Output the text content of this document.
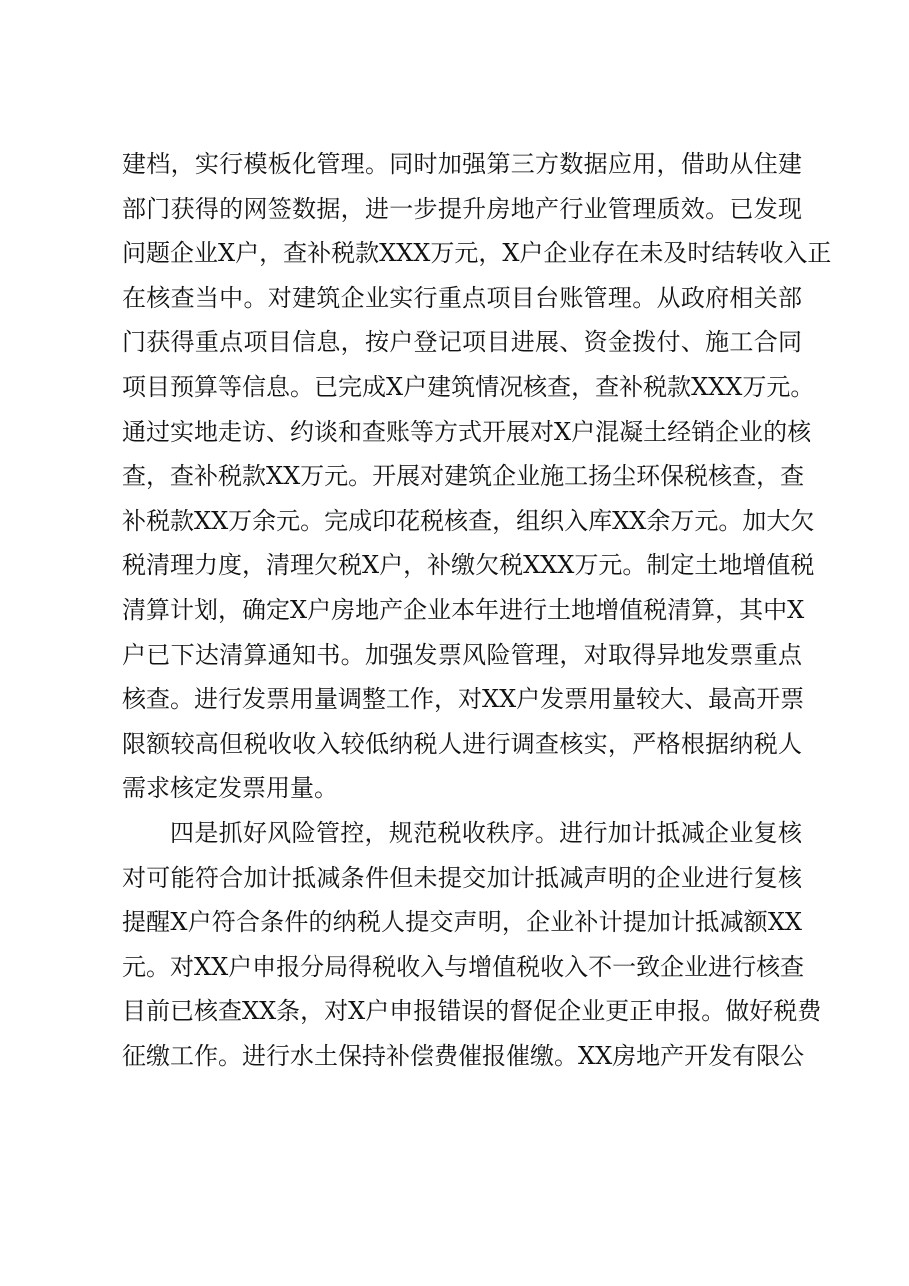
建档，实行模板化管理。同时加强第三方数据应用，借助从住建
部门获得的网签数据，进一步提升房地产行业管理质效。已发现
问题企业X户，查补税款XXX万元，X户企业存在未及时结转收入正
在核查当中。对建筑企业实行重点项目台账管理。从政府相关部
门获得重点项目信息，按户登记项目进展、资金拨付、施工合同
项目预算等信息。已完成X户建筑情况核查，查补税款XXX万元。
通过实地走访、约谈和查账等方式开展对X户混凝土经销企业的核
查，查补税款XX万元。开展对建筑企业施工扬尘环保税核查，查
补税款XX万余元。完成印花税核查，组织入库XX余万元。加大欠
税清理力度，清理欠税X户，补缴欠税XXX万元。制定土地增值税
清算计划，确定X户房地产企业本年进行土地增值税清算，其中X
户已下达清算通知书。加强发票风险管理，对取得异地发票重点
核查。进行发票用量调整工作，对XX户发票用量较大、最高开票
限额较高但税收收入较低纳税人进行调查核实，严格根据纳税人
需求核定发票用量。
四是抓好风险管控，规范税收秩序。进行加计抵减企业复核
对可能符合加计抵减条件但未提交加计抵减声明的企业进行复核
提醒X户符合条件的纳税人提交声明，企业补计提加计抵减额XX
元。对XX户申报分局得税收入与增值税收入不一致企业进行核查
目前已核查XX条，对X户申报错误的督促企业更正申报。做好税费
征缴工作。进行水土保持补偿费催报催缴。XX房地产开发有限公
